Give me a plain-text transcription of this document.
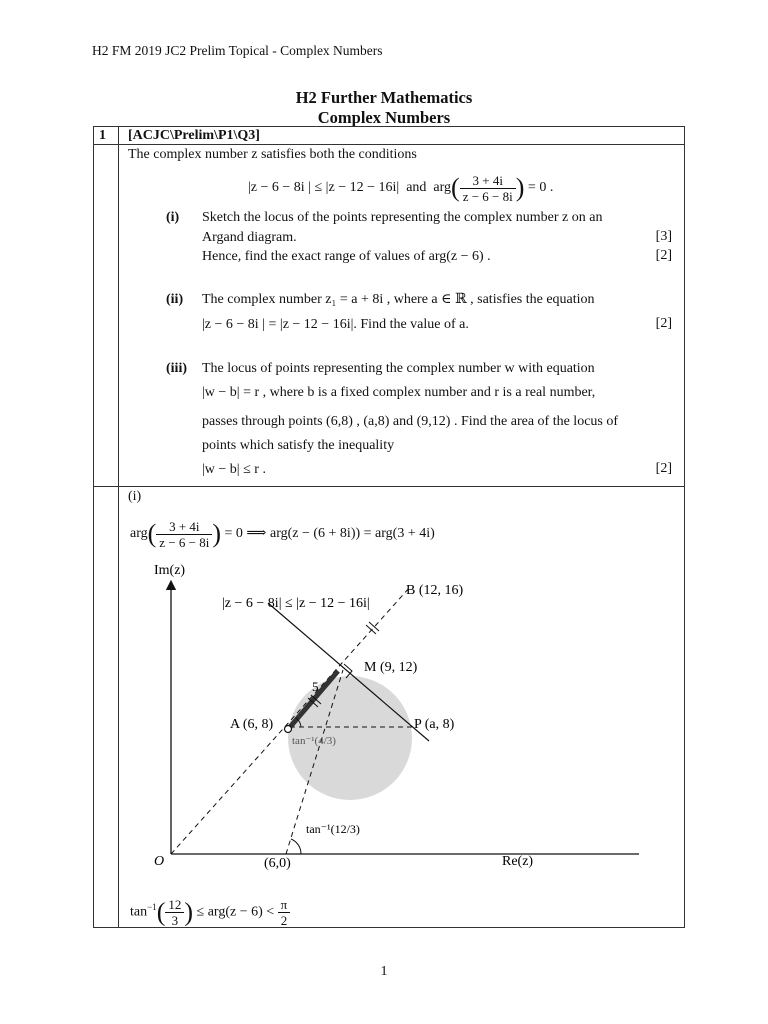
H2 FM 2019 JC2 Prelim Topical - Complex Numbers
H2 Further Mathematics
Complex Numbers
1 [ACJC\Prelim\P1\Q3]
The complex number z satisfies both the conditions
|z − 6 − 8i | ≤ |z − 12 − 16i| and $arg( \frac{3 + 4i}{z - 6 - 8i}$ ) = 0 .
(i) Sketch the locus of the points representing the complex number z on an
Argand diagram.	[3]
Hence, find the exact range of values of arg(z − 6) .	[2]
(ii) The complex number z₁ = a + 8i , where a ∈ ℝ , satisfies the equation
|z − 6 − 8i | = |z − 12 − 16i|. Find the value of a.	[2]
(iii) The locus of points representing the complex number w with equation
|w − b| = r , where b is a fixed complex number and r is a real number,
passes through points (6,8) , (a,8) and (9,12) . Find the area of the locus of
points which satisfy the inequality
|w − b| ≤ r .	[2]
(i)
$arg( \frac{3 + 4i}{z - 6 - 8i}$ ) = 0 ⟹ arg(z − (6 + 8i)) = arg(3 + 4i)
Im(z)
Re(z)
O
|z − 6 − 8i| ≤ |z − 12 − 16i|
B (12, 16)
M (9, 12)
A (6, 8)	P (a, 8)
(6,0)
5
tan⁻¹(4/3)
tan⁻¹(12/3)
$\tan^{-1}( \frac{12}{3}$ ) ≤ $arg(z - 6) < \frac{\pi}{2}$
1
